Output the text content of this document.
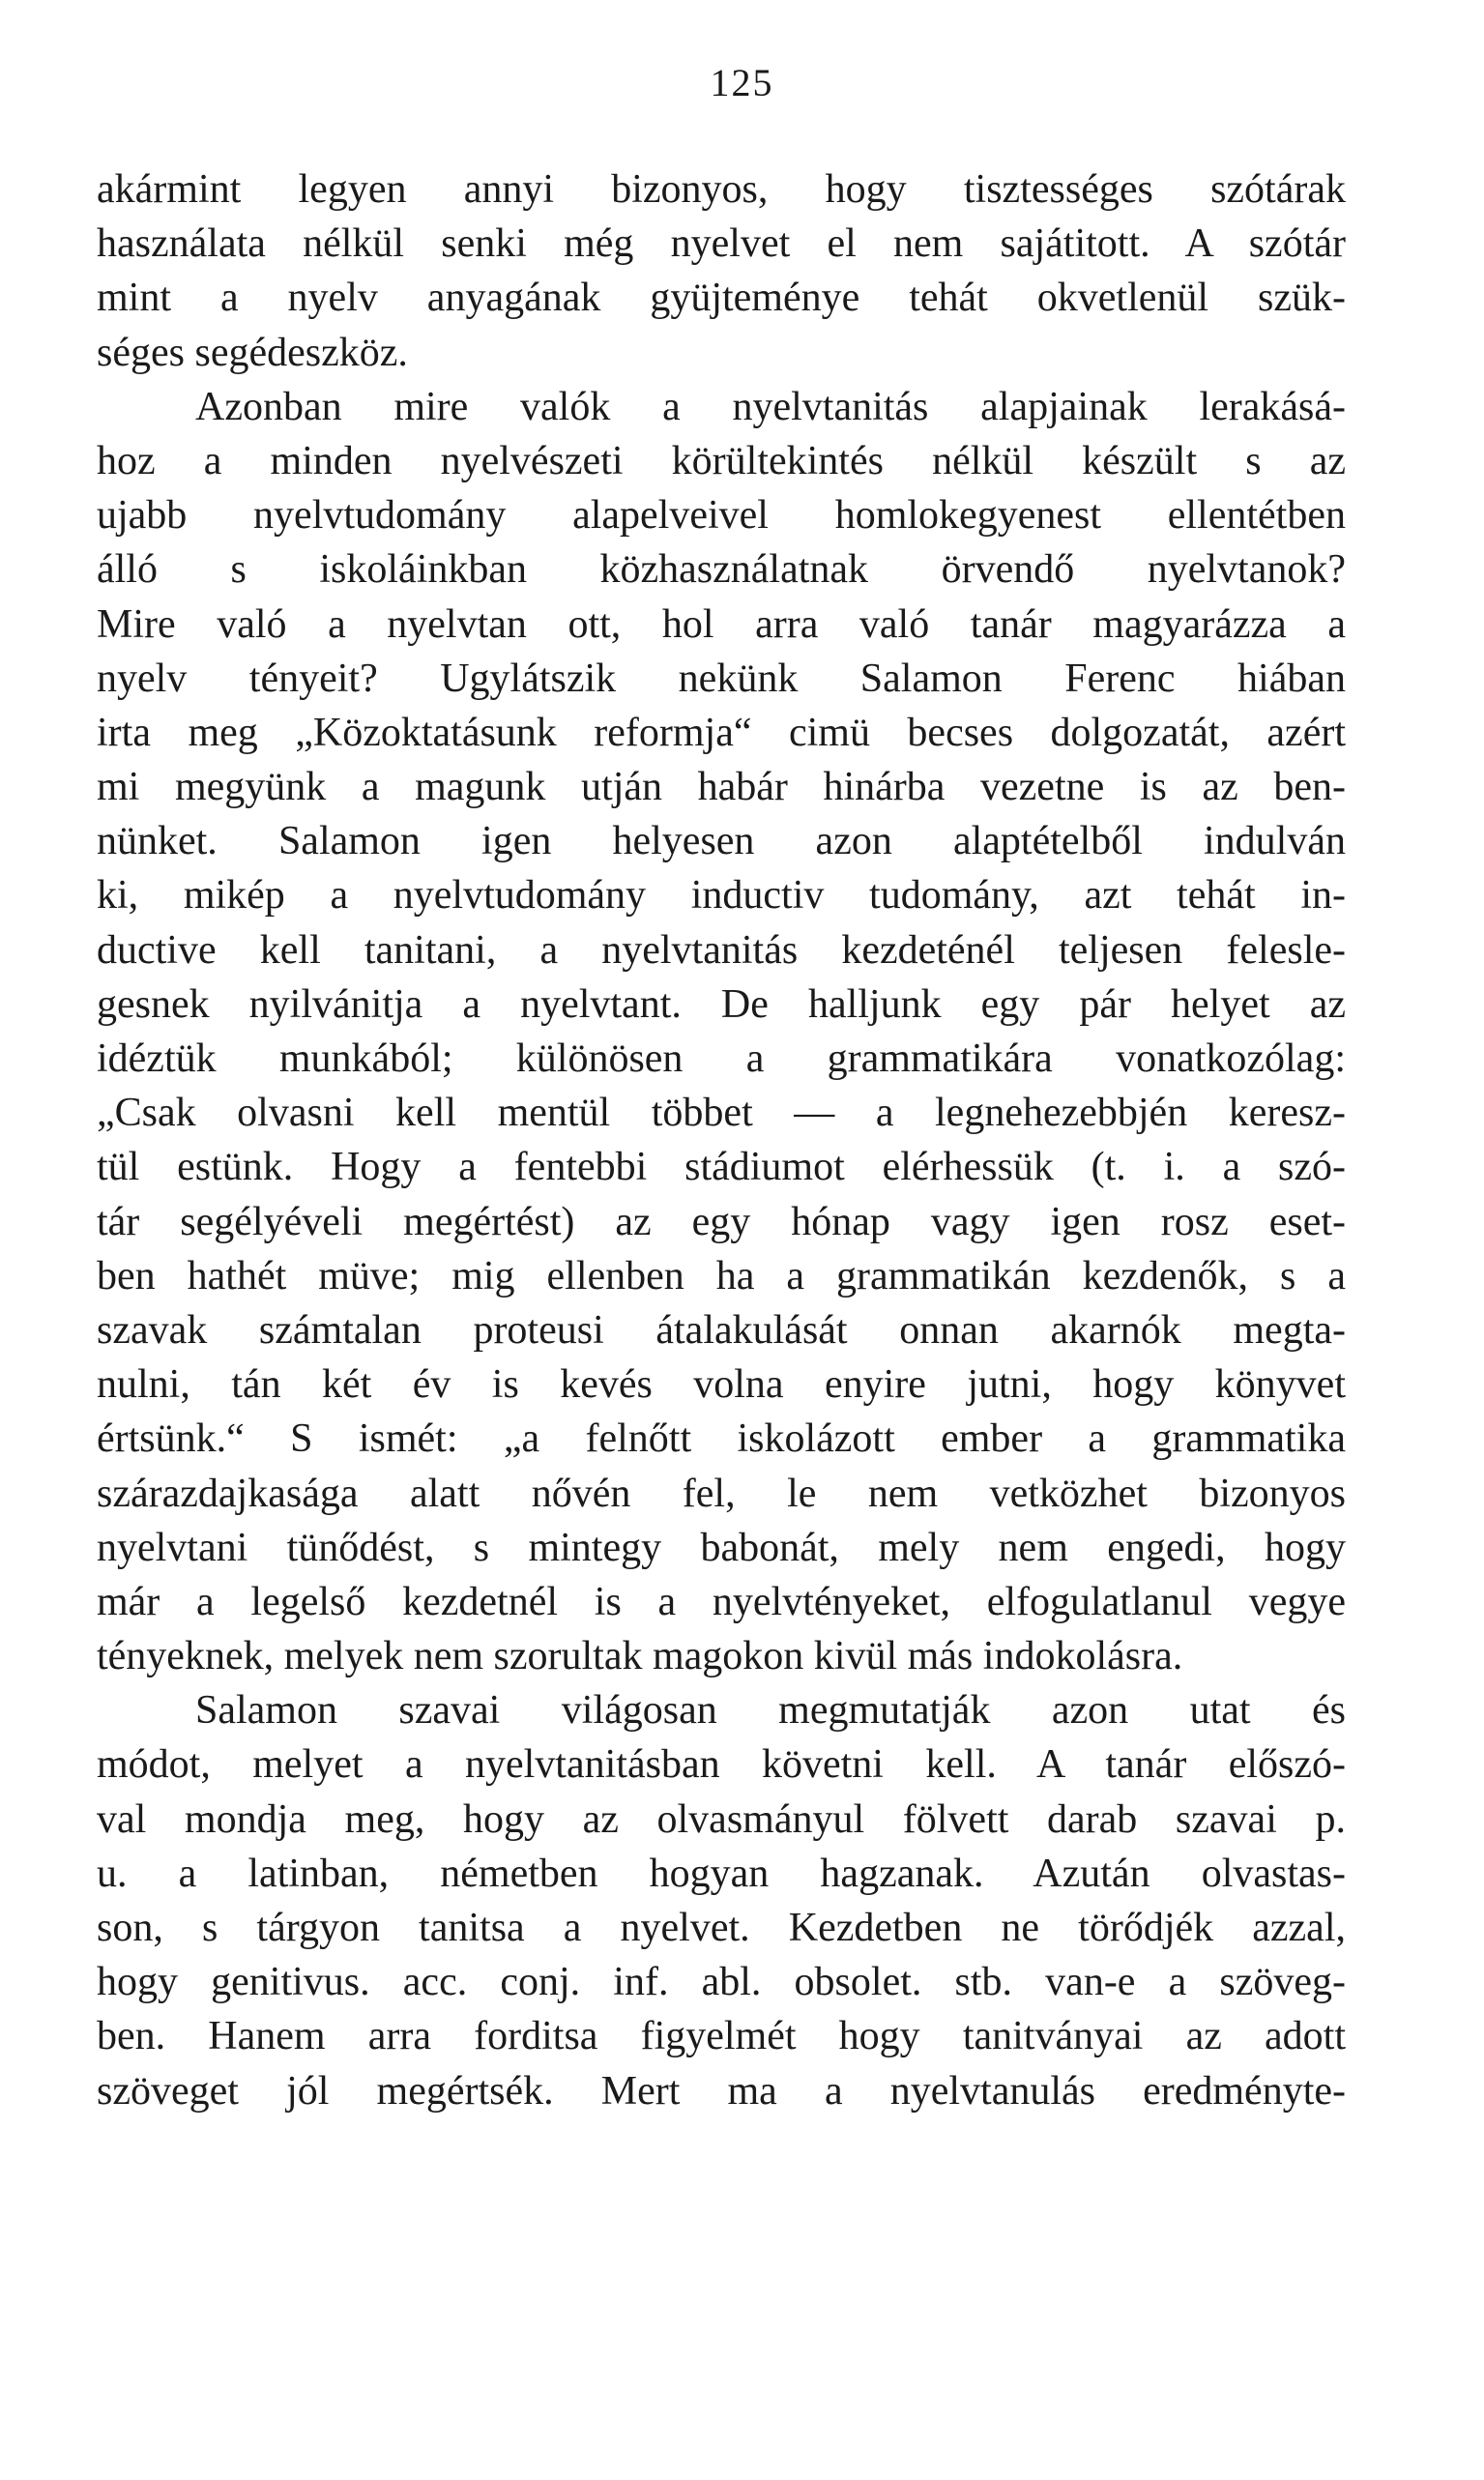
125
akármint legyen annyi bizonyos, hogy tisztességes szótárak
használata nélkül senki még nyelvet el nem sajátitott. A szótár
mint a nyelv anyagának gyüjteménye tehát okvetlenül szük-
séges segédeszköz.
Azonban mire valók a nyelvtanitás alapjainak lerakásá-
hoz a minden nyelvészeti körültekintés nélkül készült s az
ujabb nyelvtudomány alapelveivel homlokegyenest ellentétben
álló s iskoláinkban közhasználatnak örvendő nyelvtanok?
Mire való a nyelvtan ott, hol arra való tanár magyarázza a
nyelv tényeit? Ugylátszik nekünk Salamon Ferenc hiában
irta meg „Közoktatásunk reformja“ cimü becses dolgozatát, azért
mi megyünk a magunk utján habár hinárba vezetne is az ben-
nünket. Salamon igen helyesen azon alaptételből indulván
ki, mikép a nyelvtudomány inductiv tudomány, azt tehát in-
ductive kell tanitani, a nyelvtanitás kezdeténél teljesen felesle-
gesnek nyilvánitja a nyelvtant. De halljunk egy pár helyet az
idéztük munkából; különösen a grammatikára vonatkozólag:
„Csak olvasni kell mentül többet — a legnehezebbjén keresz-
tül estünk. Hogy a fentebbi stádiumot elérhessük (t. i. a szó-
tár segélyéveli megértést) az egy hónap vagy igen rosz eset-
ben hathét müve; mig ellenben ha a grammatikán kezdenők, s a
szavak számtalan proteusi átalakulását onnan akarnók megta-
nulni, tán két év is kevés volna enyire jutni, hogy könyvet
értsünk.“ S ismét: „a felnőtt iskolázott ember a grammatika
szárazdajkasága alatt nővén fel, le nem vetközhet bizonyos
nyelvtani tünődést, s mintegy babonát, mely nem engedi, hogy
már a legelső kezdetnél is a nyelvtényeket, elfogulatlanul vegye
tényeknek, melyek nem szorultak magokon kivül más indokolásra.
Salamon szavai világosan megmutatják azon utat és
módot, melyet a nyelvtanitásban követni kell. A tanár előszó-
val mondja meg, hogy az olvasmányul fölvett darab szavai p.
u. a latinban, németben hogyan hagzanak. Azután olvastas-
son, s tárgyon tanitsa a nyelvet. Kezdetben ne törődjék azzal,
hogy genitivus. acc. conj. inf. abl. obsolet. stb. van-e a szöveg-
ben. Hanem arra forditsa figyelmét hogy tanitványai az adott
szöveget jól megértsék. Mert ma a nyelvtanulás eredményte-
